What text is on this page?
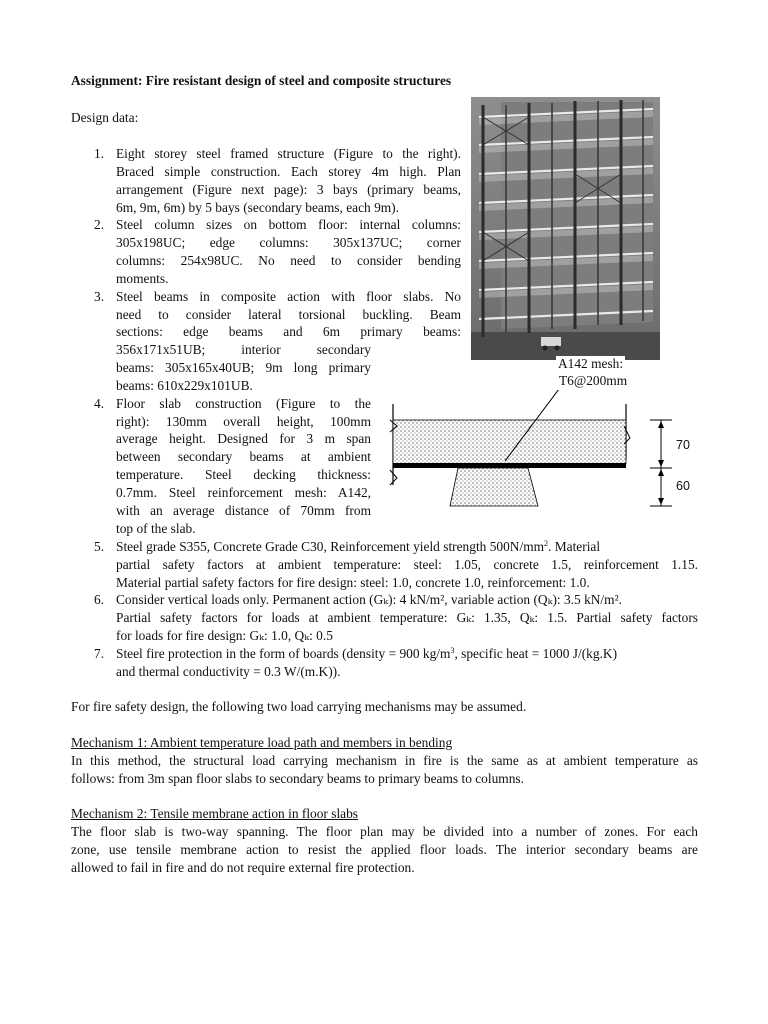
Assignment: Fire resistant design of steel and composite structures
Design data:
1. Eight storey steel framed structure (Figure to the right).
Braced simple construction. Each storey 4m high. Plan
arrangement (Figure next page): 3 bays (primary beams,
6m, 9m, 6m) by 5 bays (secondary beams, each 9m).
2. Steel column sizes on bottom floor: internal columns:
305x198UC; edge columns: 305x137UC; corner
columns: 254x98UC. No need to consider bending
moments.
3. Steel beams in composite action with floor slabs. No
need to consider lateral torsional buckling. Beam
sections: edge beams and 6m primary beams:
356x171x51UB; interior secondary
beams: 305x165x40UB; 9m long primary
beams: 610x229x101UB.
4. Floor slab construction (Figure to the
right): 130mm overall height, 100mm
average height. Designed for 3 m span
between secondary beams at ambient
temperature. Steel decking thickness:
0.7mm. Steel reinforcement mesh: A142,
with an average distance of 70mm from
top of the slab.
5. Steel grade S355, Concrete Grade C30, Reinforcement yield strength $500N/mm^2$. Material
partial safety factors at ambient temperature: steel: 1.05, concrete 1.5, reinforcement 1.15.
Material partial safety factors for fire design: steel: 1.0, concrete 1.0, reinforcement: 1.0.
6. Consider vertical loads only. Permanent action (Gₖ): 4 kN/m², variable action (Qₖ): 3.5 kN/m².
Partial safety factors for loads at ambient temperature: Gₖ: 1.35, Qₖ: 1.5. Partial safety factors
for loads for fire design: Gₖ: 1.0, Qₖ: 0.5
7. Steel fire protection in the form of boards (density = 900 $kg/m^3$, specific heat = 1000 J/(kg.K)
and thermal conductivity = 0.3 W/(m.K)).
For fire safety design, the following two load carrying mechanisms may be assumed.
Mechanism 1: Ambient temperature load path and members in bending
In this method, the structural load carrying mechanism in fire is the same as at ambient temperature as
follows: from 3m span floor slabs to secondary beams to primary beams to columns.
Mechanism 2: Tensile membrane action in floor slabs
The floor slab is two-way spanning. The floor plan may be divided into a number of zones. For each
zone, use tensile membrane action to resist the applied floor loads. The interior secondary beams are
allowed to fail in fire and do not require external fire protection.
A142 mesh:
T6@200mm
70
60
